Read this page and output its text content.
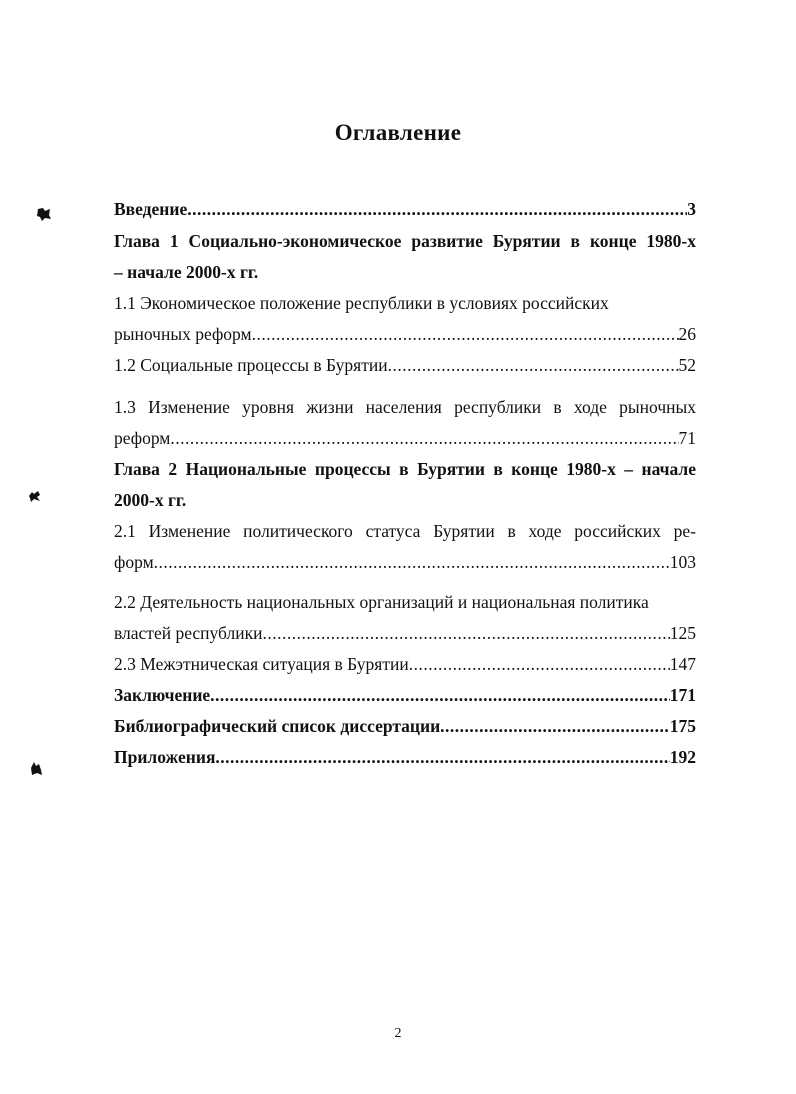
Оглавление
Введение .....	3
Глава 1 Социально-экономическое развитие Бурятии в конце 1980-х
– начале 2000-х гг.
1.1 Экономическое положение республики в условиях российских
рыночных реформ .....	26
1.2 Социальные процессы в Бурятии .....	52
1.3 Изменение уровня жизни населения республики в ходе рыночных
реформ .....	71
Глава 2 Национальные процессы в Бурятии в конце 1980-х – начале
2000-х гг.
2.1 Изменение политического статуса Бурятии в ходе российских ре-
форм .....	103
2.2 Деятельность национальных организаций и национальная политика
властей республики .....	125
2.3 Межэтническая ситуация в Бурятии .....	147
Заключение .....	171
Библиографический список диссертации .....	175
Приложения .....	192
2
